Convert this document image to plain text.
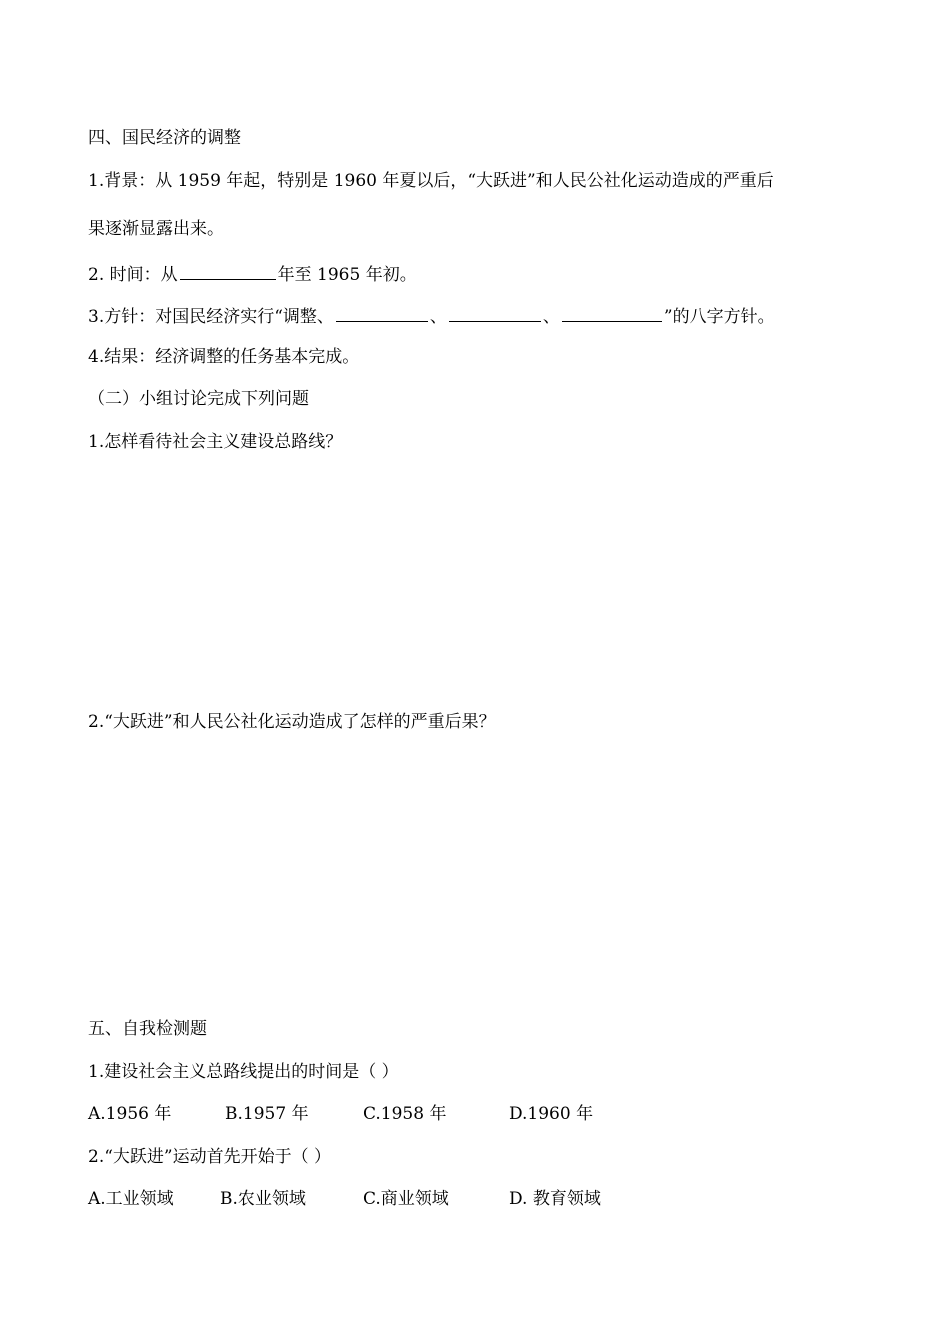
四、国民经济的调整
1.背景：从 1959 年起，特别是 1960 年夏以后，“大跃进”和人民公社化运动造成的严重后
果逐渐显露出来。
2. 时间：从	年至 1965 年初。
3.方针：对国民经济实行“调整、	、	、	”的八字方针。
4.结果：经济调整的任务基本完成。
（二）小组讨论完成下列问题
1.怎样看待社会主义建设总路线？
2.“大跃进”和人民公社化运动造成了怎样的严重后果？
五、自我检测题
1.建设社会主义总路线提出的时间是（ ）
A.1956 年	B.1957 年	C.1958 年	D.1960 年
2.“大跃进”运动首先开始于（ ）
A.工业领域	B.农业领域	C.商业领域	D. 教育领域
